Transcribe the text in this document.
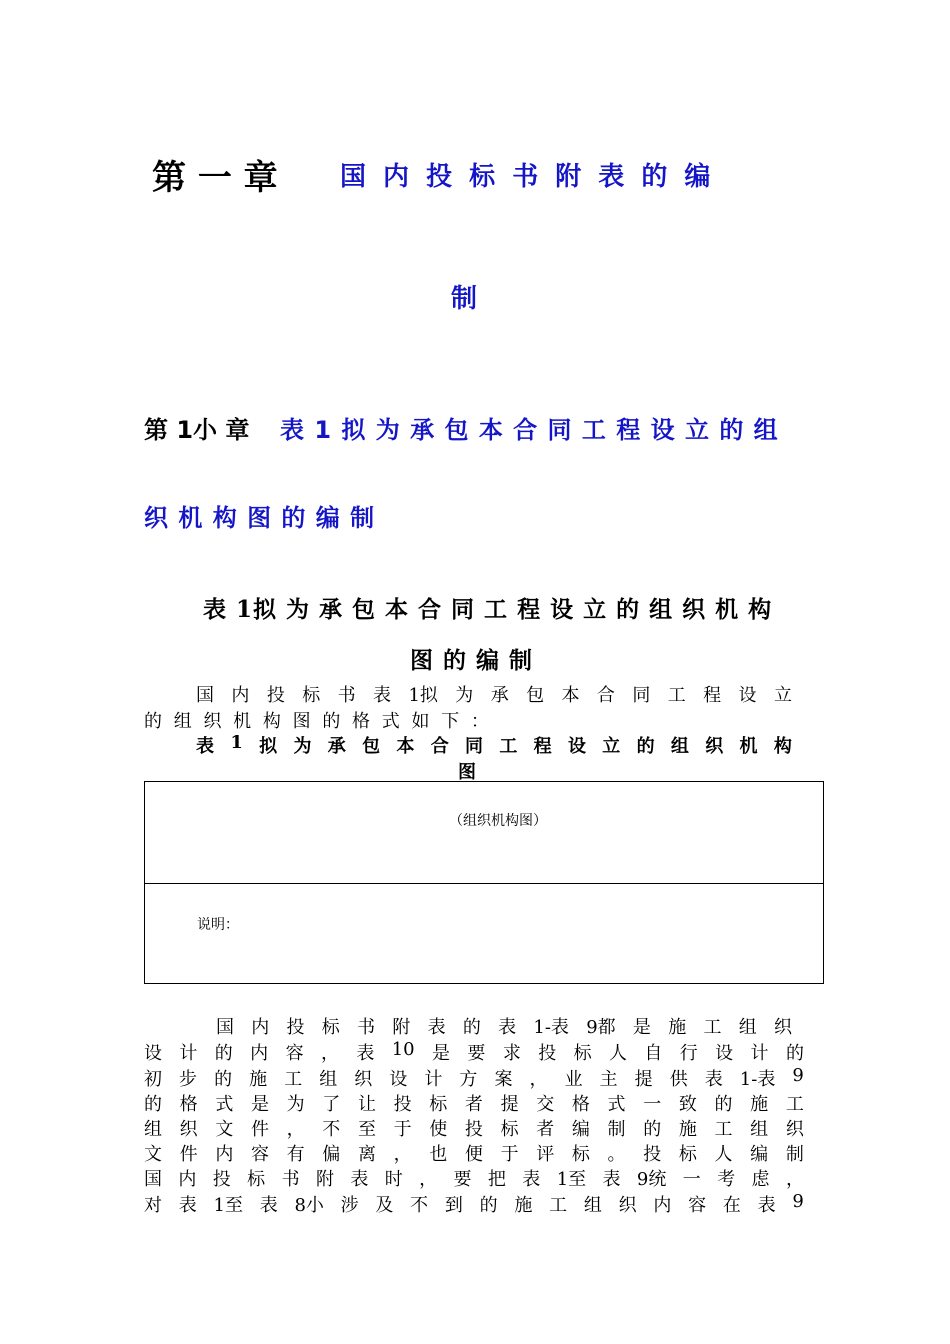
第 一 章 国 内 投 标 书 附 表 的 编
制
第 1小 章 表 1 拟 为 承 包 本 合 同 工 程 设 立 的 组
织 机 构 图 的 编 制
表 1拟 为 承 包 本 合 同 工 程 设 立 的 组 织 机 构
图 的 编 制
国 内 投 标 书 表 1拟 为 承 包 本 合 同 工 程 设 立
的 组 织 机 构 图 的 格 式 如 下 ：
表 1 拟 为 承 包 本 合 同 工 程 设 立 的 组 织 机 构
图
（组织机构图）
说明：
国 内 投 标 书 附 表 的 表 1-表 9都 是 施 工 组 织
设 计 的 内 容 ， 表 10 是 要 求 投 标 人 自 行 设 计 的
初 步 的 施 工 组 织 设 计 方 案 ， 业 主 提 供 表 1-表 9
的 格 式 是 为 了 让 投 标 者 提 交 格 式 一 致 的 施 工
组 织 文 件 ， 不 至 于 使 投 标 者 编 制 的 施 工 组 织
文 件 内 容 有 偏 离 ， 也 便 于 评 标 。 投 标 人 编 制
国 内 投 标 书 附 表 时 ， 要 把 表 1至 表 9统 一 考 虑 ，
对 表 1至 表 8小 涉 及 不 到 的 施 工 组 织 内 容 在 表 9
